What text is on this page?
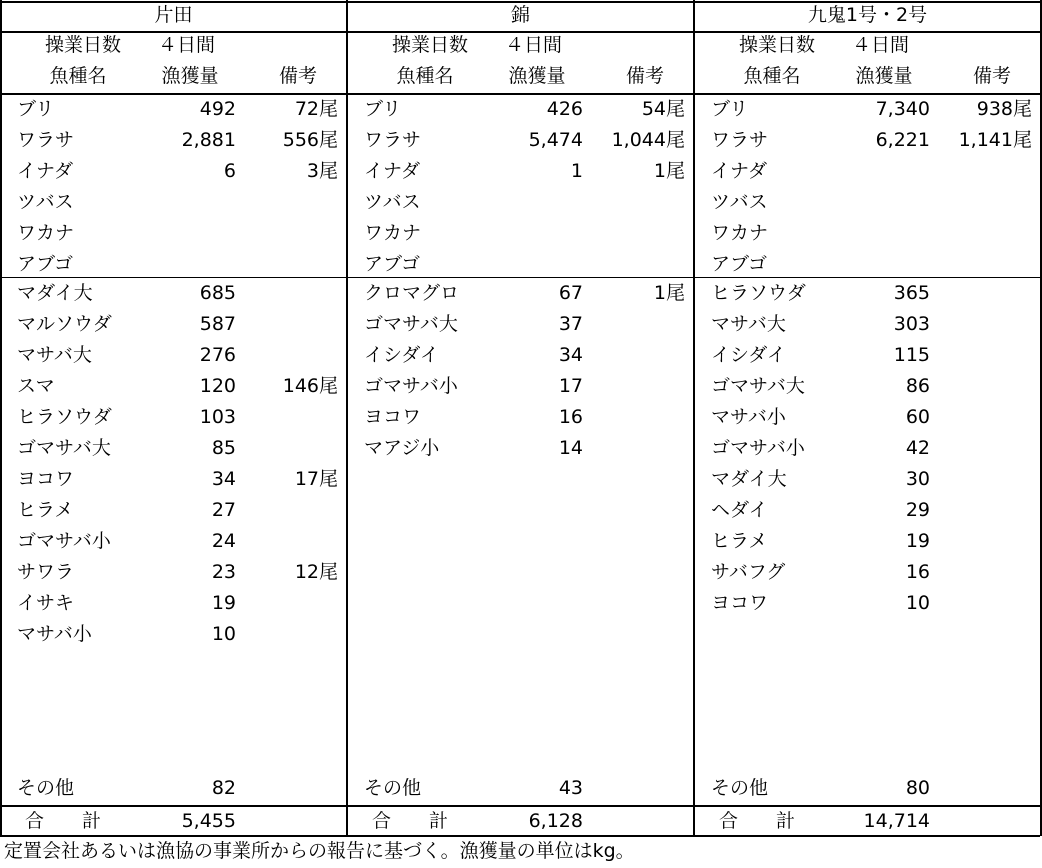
片田
操業日数	４日間
魚種名	漁獲量	備考
ブリ	492	72尾
ワラサ	2,881	556尾
イナダ	6	3尾
ツバス
ワカナ
アブゴ
マダイ大	685
マルソウダ	587
マサバ大	276
スマ	120	146尾
ヒラソウダ	103
ゴマサバ大	85
ヨコワ	34	17尾
ヒラメ	27
ゴマサバ小	24
サワラ	23	12尾
イサキ	19
マサバ小	10
その他	82
合　　計	5,455
錦
操業日数	４日間
魚種名	漁獲量	備考
ブリ	426	54尾
ワラサ	5,474	1,044尾
イナダ	1	1尾
ツバス
ワカナ
アブゴ
クロマグロ	67	1尾
ゴマサバ大	37
イシダイ	34
ゴマサバ小	17
ヨコワ	16
マアジ小	14
その他	43
合　　計	6,128
九鬼1号・2号
操業日数	４日間
魚種名	漁獲量	備考
ブリ	7,340	938尾
ワラサ	6,221	1,141尾
イナダ
ツバス
ワカナ
アブゴ
ヒラソウダ	365
マサバ大	303
イシダイ	115
ゴマサバ大	86
マサバ小	60
ゴマサバ小	42
マダイ大	30
ヘダイ	29
ヒラメ	19
サバフグ	16
ヨコワ	10
その他	80
合　　計	14,714
定置会社あるいは漁協の事業所からの報告に基づく。漁獲量の単位はkg。
